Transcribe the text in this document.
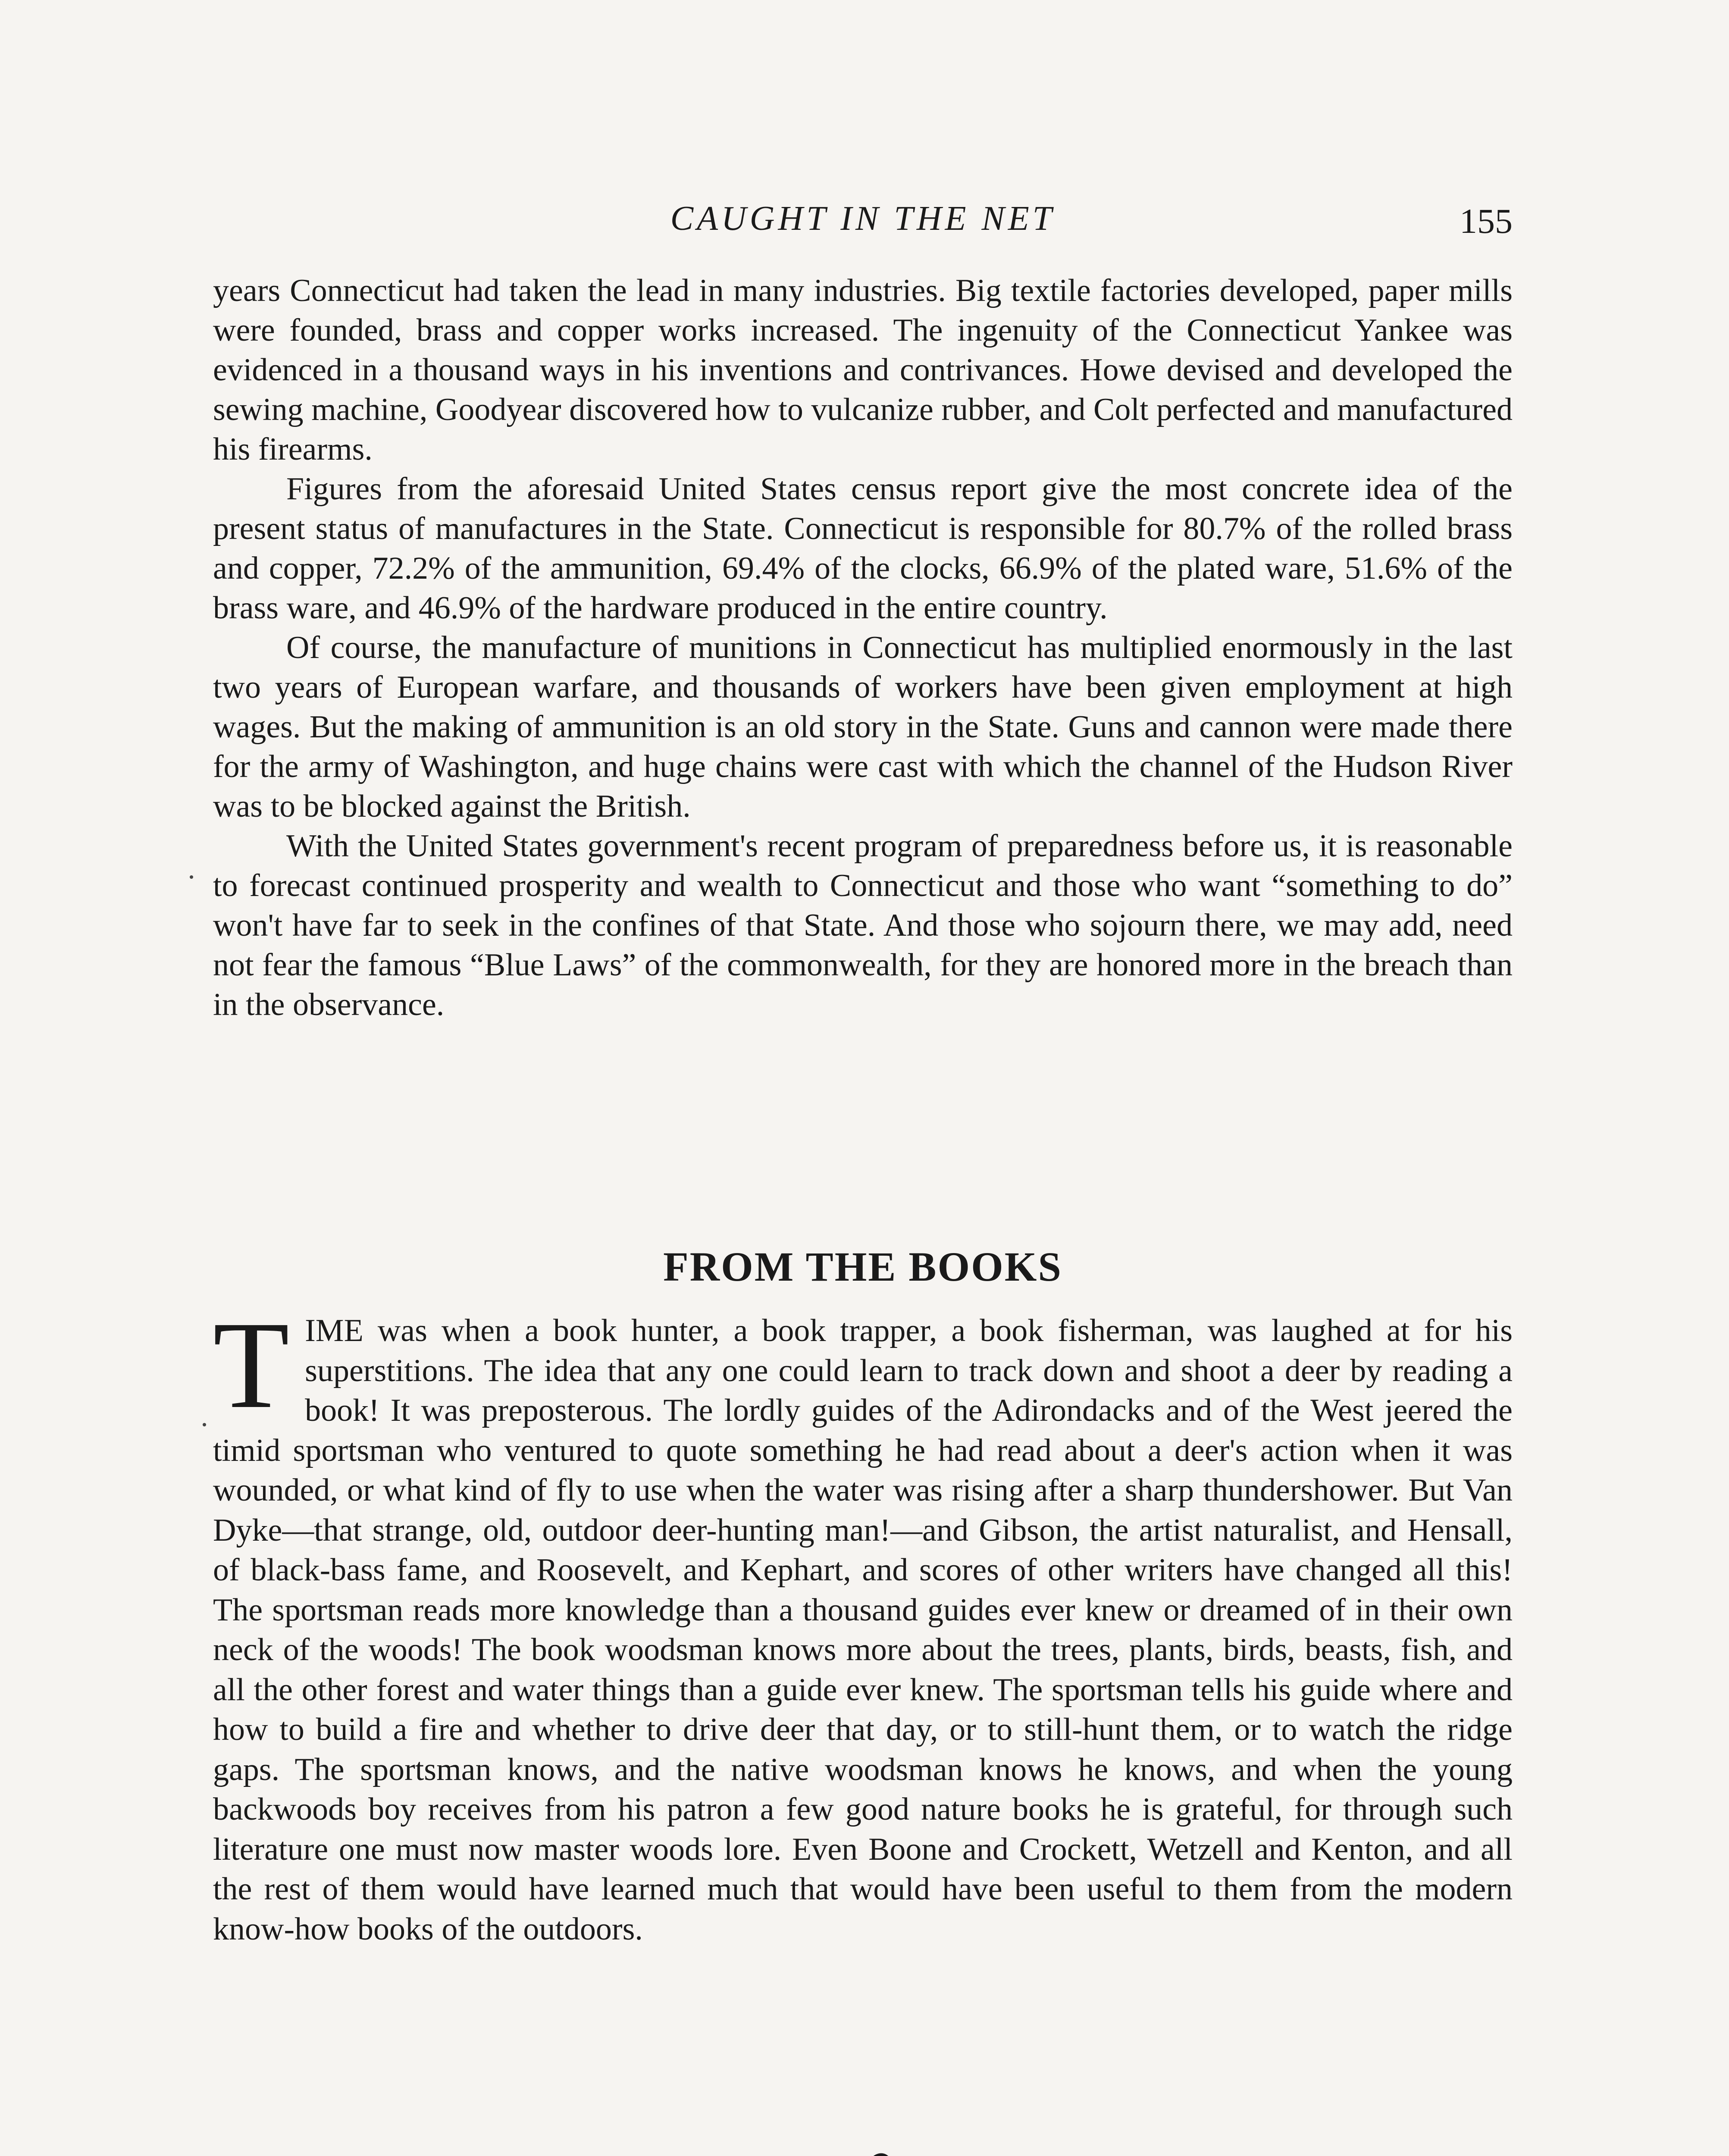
CAUGHT IN THE NET	155

years Connecticut had taken the lead in many industries. Big textile factories developed, paper mills were founded, brass and copper works increased. The ingenuity of the Connecticut Yankee was evidenced in a thousand ways in his inventions and contrivances. Howe devised and developed the sewing machine, Goodyear discovered how to vulcanize rubber, and Colt perfected and manufactured his firearms.

Figures from the aforesaid United States census report give the most concrete idea of the present status of manufactures in the State. Connecticut is responsible for 80.7% of the rolled brass and copper, 72.2% of the ammunition, 69.4% of the clocks, 66.9% of the plated ware, 51.6% of the brass ware, and 46.9% of the hardware produced in the entire country.

Of course, the manufacture of munitions in Connecticut has multiplied enormously in the last two years of European warfare, and thousands of workers have been given employment at high wages. But the making of ammunition is an old story in the State. Guns and cannon were made there for the army of Washington, and huge chains were cast with which the channel of the Hudson River was to be blocked against the British.

With the United States government's recent program of preparedness before us, it is reasonable to forecast continued prosperity and wealth to Connecticut and those who want “something to do” won't have far to seek in the confines of that State. And those who sojourn there, we may add, need not fear the famous “Blue Laws” of the commonwealth, for they are honored more in the breach than in the observance.

FROM THE BOOKS
T IME was when a book hunter, a book trapper, a book fisherman, was laughed at for his superstitions. The idea that any one could learn to track down and shoot a deer by reading a book! It was preposterous. The lordly guides of the Adirondacks and of the West jeered the timid sportsman who ventured to quote something he had read about a deer's action when it was wounded, or what kind of fly to use when the water was rising after a sharp thundershower. But Van Dyke—that strange, old, outdoor deer-hunting man!—and Gibson, the artist naturalist, and Hensall, of black-bass fame, and Roosevelt, and Kephart, and scores of other writers have changed all this! The sportsman reads more knowledge than a thousand guides ever knew or dreamed of in their own neck of the woods! The book woodsman knows more about the trees, plants, birds, beasts, fish, and all the other forest and water things than a guide ever knew. The sportsman tells his guide where and how to build a fire and whether to drive deer that day, or to still-hunt them, or to watch the ridge gaps. The sportsman knows, and the native woodsman knows he knows, and when the young backwoods boy receives from his patron a few good nature books he is grateful, for through such literature one must now master woods lore. Even Boone and Crockett, Wetzell and Kenton, and all the rest of them would have learned much that would have been useful to them from the modern know-how books of the outdoors.
